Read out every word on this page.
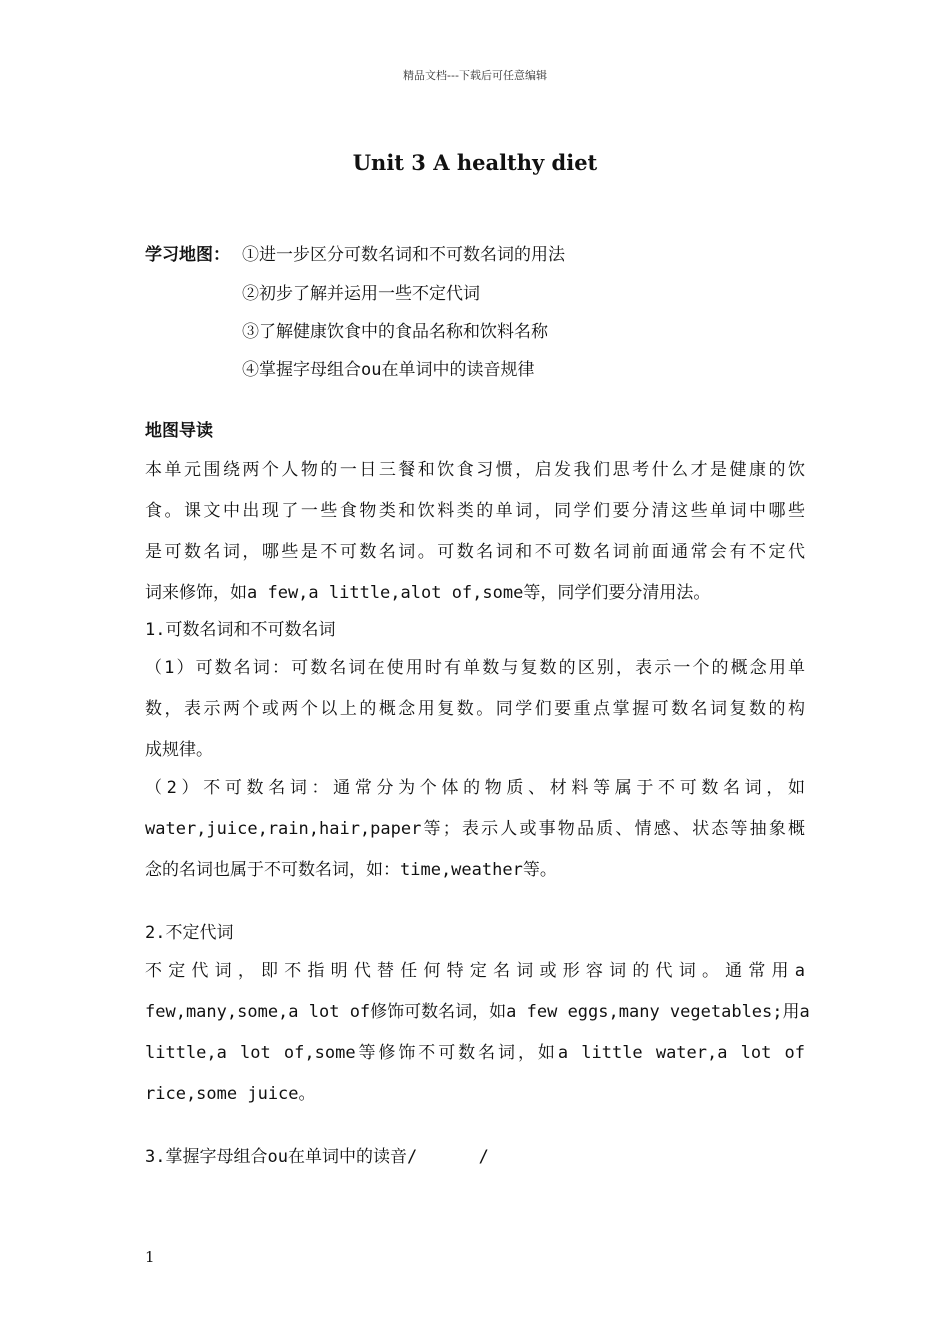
精品文档---下载后可任意编辑
Unit 3 A healthy diet
学习地图： ①进一步区分可数名词和不可数名词的用法
②初步了解并运用一些不定代词
③了解健康饮食中的食品名称和饮料名称
④掌握字母组合ou在单词中的读音规律
地图导读
本单元围绕两个人物的一日三餐和饮食习惯，启发我们思考什么才是健康的饮
食。课文中出现了一些食物类和饮料类的单词，同学们要分清这些单词中哪些
是可数名词，哪些是不可数名词。可数名词和不可数名词前面通常会有不定代
词来修饰，如a few,a little,alot of,some等，同学们要分清用法。
1.可数名词和不可数名词
（1）可数名词：可数名词在使用时有单数与复数的区别，表示一个的概念用单
数，表示两个或两个以上的概念用复数。同学们要重点掌握可数名词复数的构
成规律。
（2）不可数名词：通常分为个体的物质、材料等属于不可数名词，如
water,juice,rain,hair,paper等；表示人或事物品质、情感、状态等抽象概
念的名词也属于不可数名词，如：time,weather等。
2.不定代词
不定代词，即不指明代替任何特定名词或形容词的代词。通常用a
few,many,some,a lot of修饰可数名词，如a few eggs,many vegetables;用a
little,a lot of,some等修饰不可数名词，如a little water,a lot of
rice,some juice。
3.掌握字母组合ou在单词中的读音/      /
1
